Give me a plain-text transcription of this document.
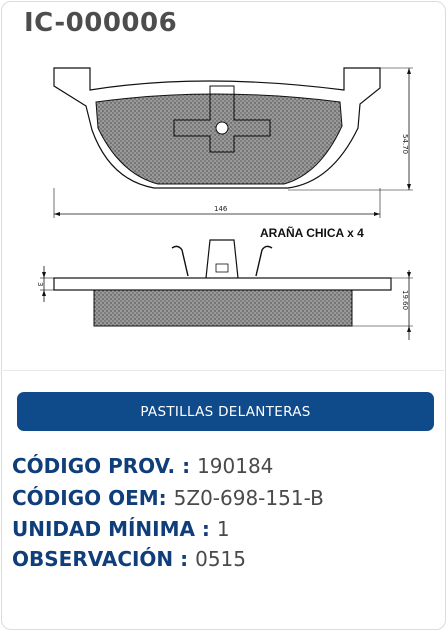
IC-000006
146
54.70
ARAÑA CHICA x 4
19.60
3
PASTILLAS DELANTERAS
CÓDIGO PROV. : 190184
CÓDIGO OEM: 5Z0-698-151-B
UNIDAD MÍNIMA : 1
OBSERVACIÓN : 0515
